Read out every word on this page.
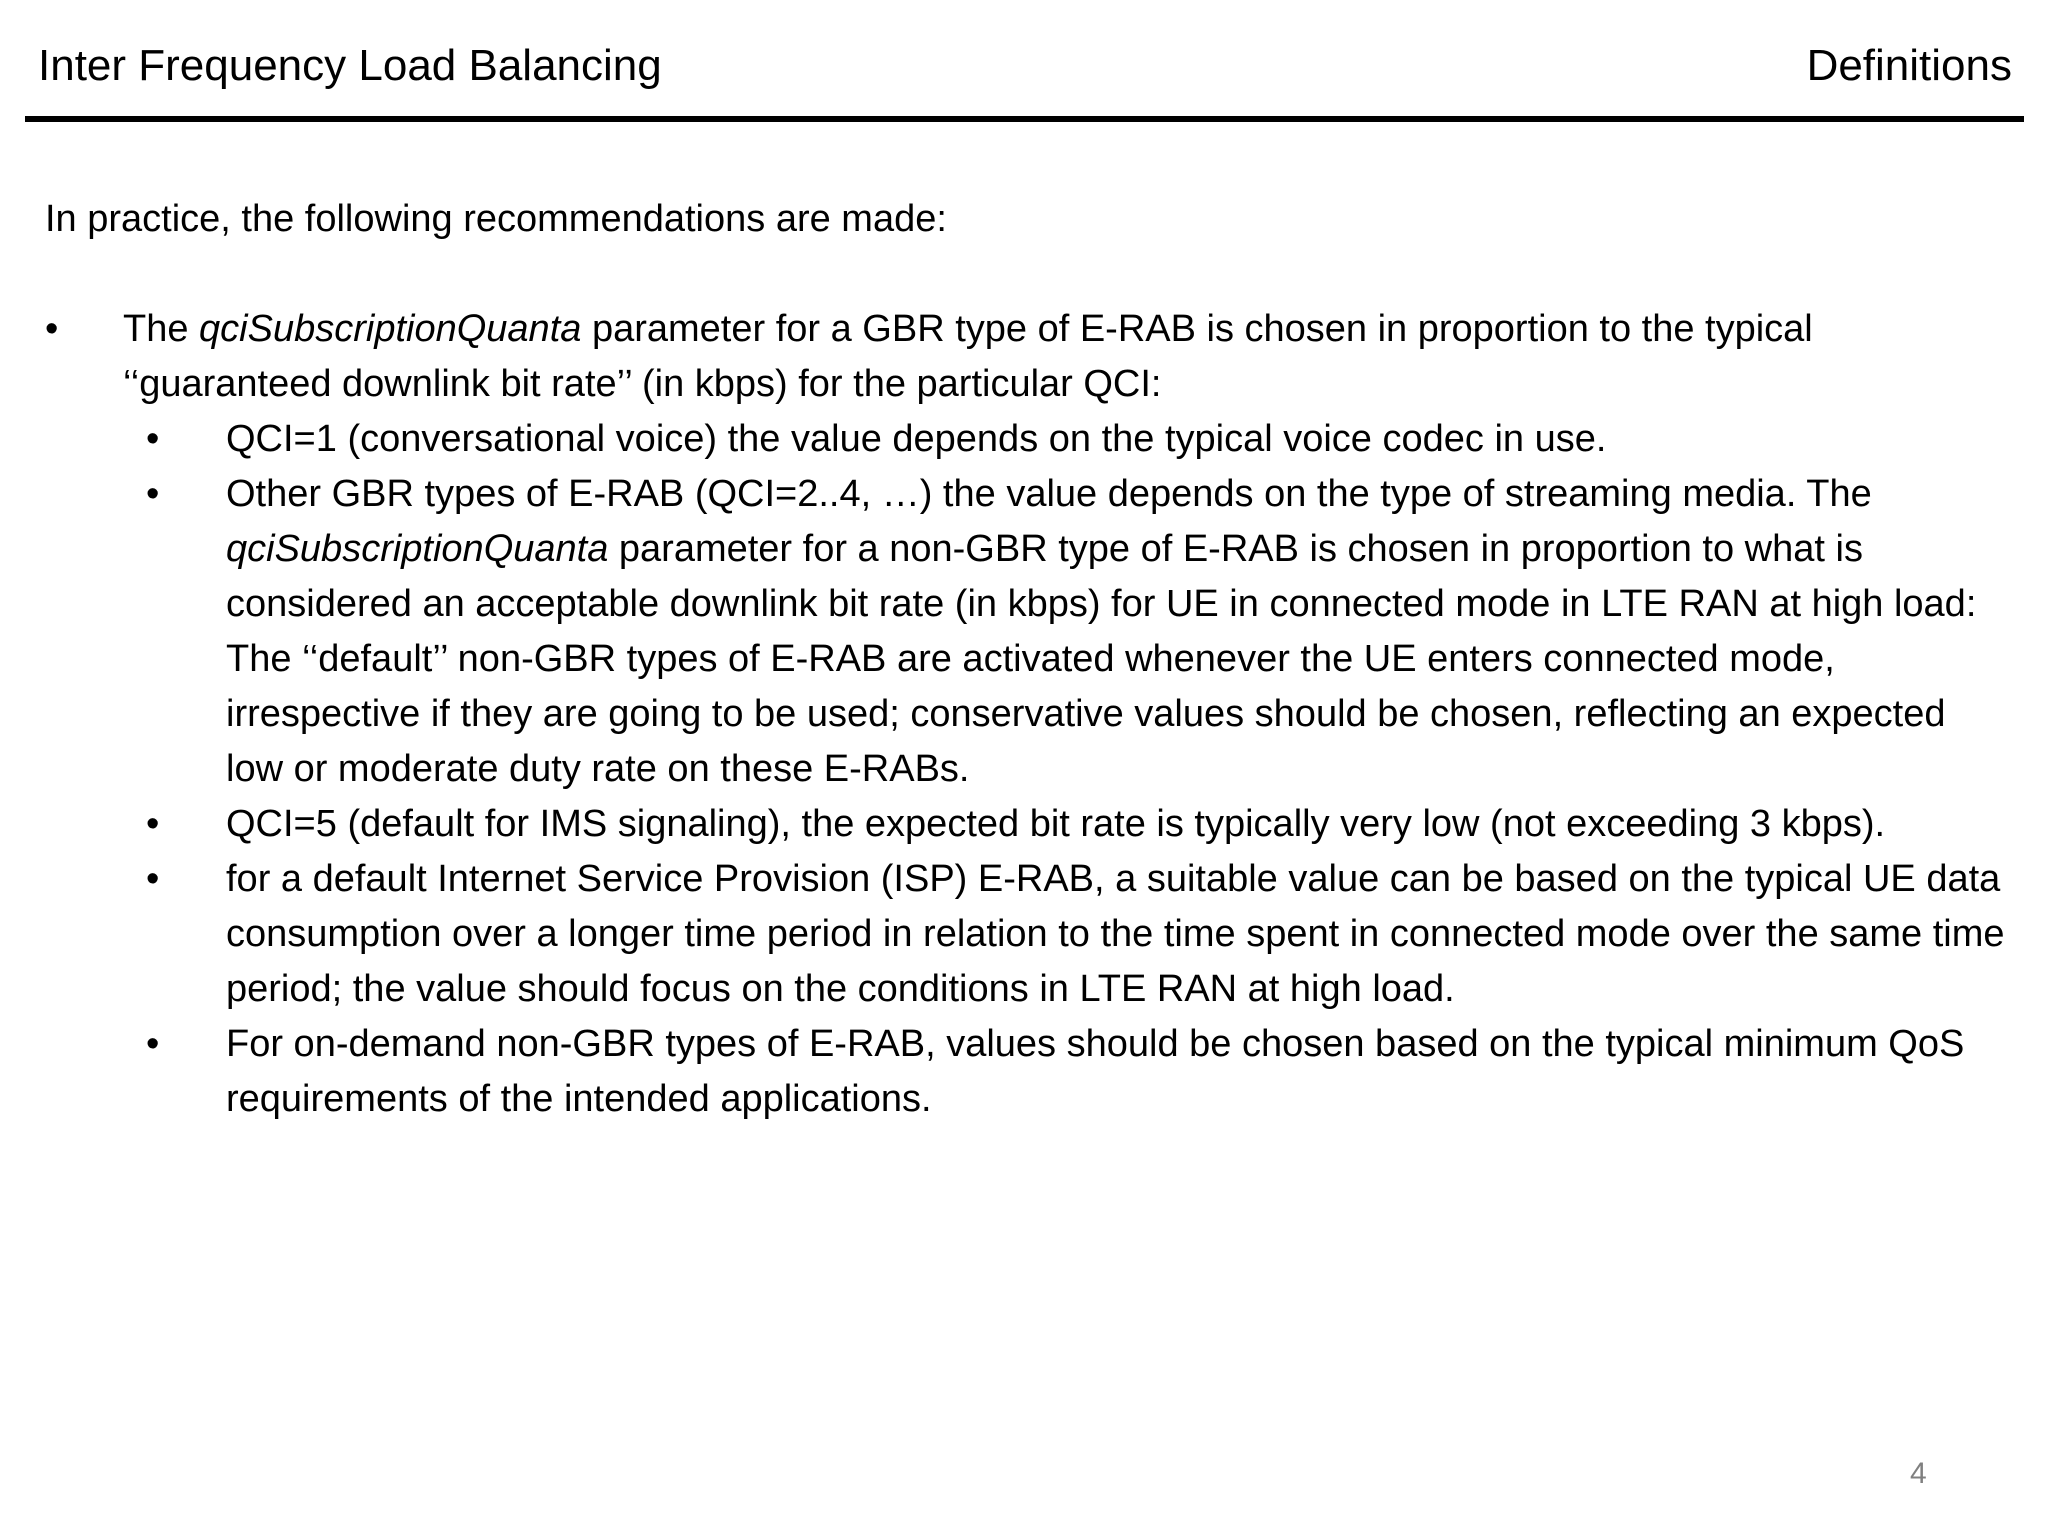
Inter Frequency Load Balancing	Definitions

In practice, the following recommendations are made:

• The qciSubscriptionQuanta parameter for a GBR type of E-RAB is chosen in proportion to the typical ‘‘guaranteed downlink bit rate’’ (in kbps) for the particular QCI:
• QCI=1 (conversational voice) the value depends on the typical voice codec in use.
• Other GBR types of E-RAB (QCI=2..4, …) the value depends on the type of streaming media. The qciSubscriptionQuanta parameter for a non-GBR type of E-RAB is chosen in proportion to what is considered an acceptable downlink bit rate (in kbps) for UE in connected mode in LTE RAN at high load: The ‘‘default’’ non-GBR types of E-RAB are activated whenever the UE enters connected mode, irrespective if they are going to be used; conservative values should be chosen, reflecting an expected low or moderate duty rate on these E-RABs.
• QCI=5 (default for IMS signaling), the expected bit rate is typically very low (not exceeding 3 kbps).
• for a default Internet Service Provision (ISP) E-RAB, a suitable value can be based on the typical UE data consumption over a longer time period in relation to the time spent in connected mode over the same time period; the value should focus on the conditions in LTE RAN at high load.
• For on-demand non-GBR types of E-RAB, values should be chosen based on the typical minimum QoS requirements of the intended applications.
4
